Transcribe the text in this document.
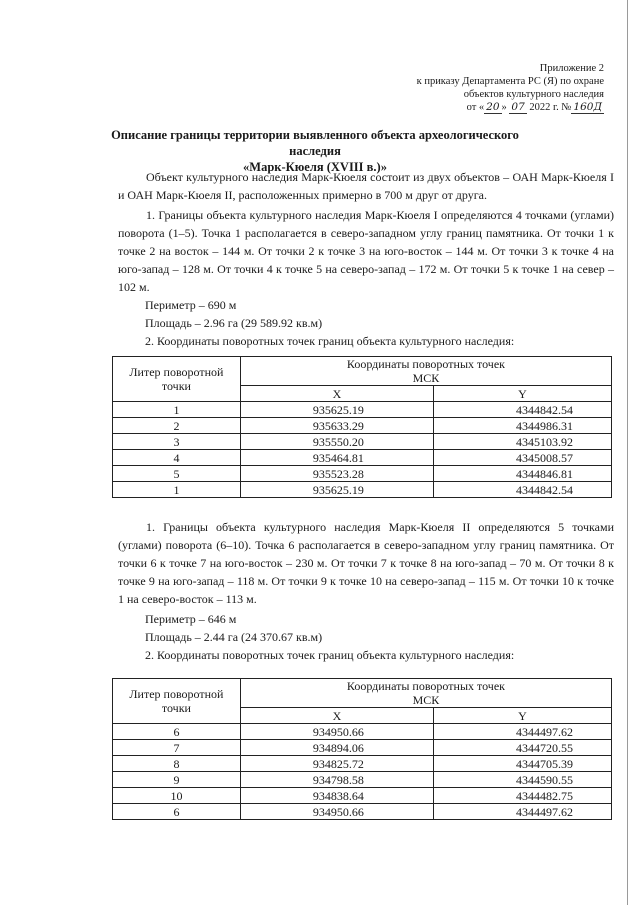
Приложение 2
к приказу Департамента РС (Я) по охране
объектов культурного наследия
от « 20 » 07 2022 г. № 160Д
Описание границы территории выявленного объекта археологического наследия
«Марк-Кюеля (XVIII в.)»
Объект культурного наследия Марк-Кюеля состоит из двух объектов – ОАН Марк-Кюеля I и ОАН Марк-Кюеля II, расположенных примерно в 700 м друг от друга.
1. Границы объекта культурного наследия Марк-Кюеля I определяются 4 точками (углами) поворота (1–5). Точка 1 располагается в северо-западном углу границ памятника. От точки 1 к точке 2 на восток – 144 м. От точки 2 к точке 3 на юго-восток – 144 м. От точки 3 к точке 4 на юго-запад – 128 м. От точки 4 к точке 5 на северо-запад – 172 м. От точки 5 к точке 1 на север – 102 м.
Периметр – 690 м
Площадь – 2.96 га (29 589.92 кв.м)
2. Координаты поворотных точек границ объекта культурного наследия:
Литер поворотной точки	Координаты поворотных точек
МСК	

	X	Y
1	935625.19	4344842.54
2	935633.29	4344986.31
3	935550.20	4345103.92
4	935464.81	4345008.57
5	935523.28	4344846.81
1	935625.19	4344842.54
1. Границы объекта культурного наследия Марк-Кюеля II определяются 5 точками (углами) поворота (6–10). Точка 6 располагается в северо-западном углу границ памятника. От точки 6 к точке 7 на юго-восток – 230 м. От точки 7 к точке 8 на юго-запад – 70 м. От точки 8 к точке 9 на юго-запад – 118 м. От точки 9 к точке 10 на северо-запад – 115 м. От точки 10 к точке 1 на северо-восток – 113 м.
Периметр – 646 м
Площадь – 2.44 га (24 370.67 кв.м)
2. Координаты поворотных точек границ объекта культурного наследия:
Литер поворотной точки	Координаты поворотных точек
МСК	

	X	Y
6	934950.66	4344497.62
7	934894.06	4344720.55
8	934825.72	4344705.39
9	934798.58	4344590.55
10	934838.64	4344482.75
6	934950.66	4344497.62
